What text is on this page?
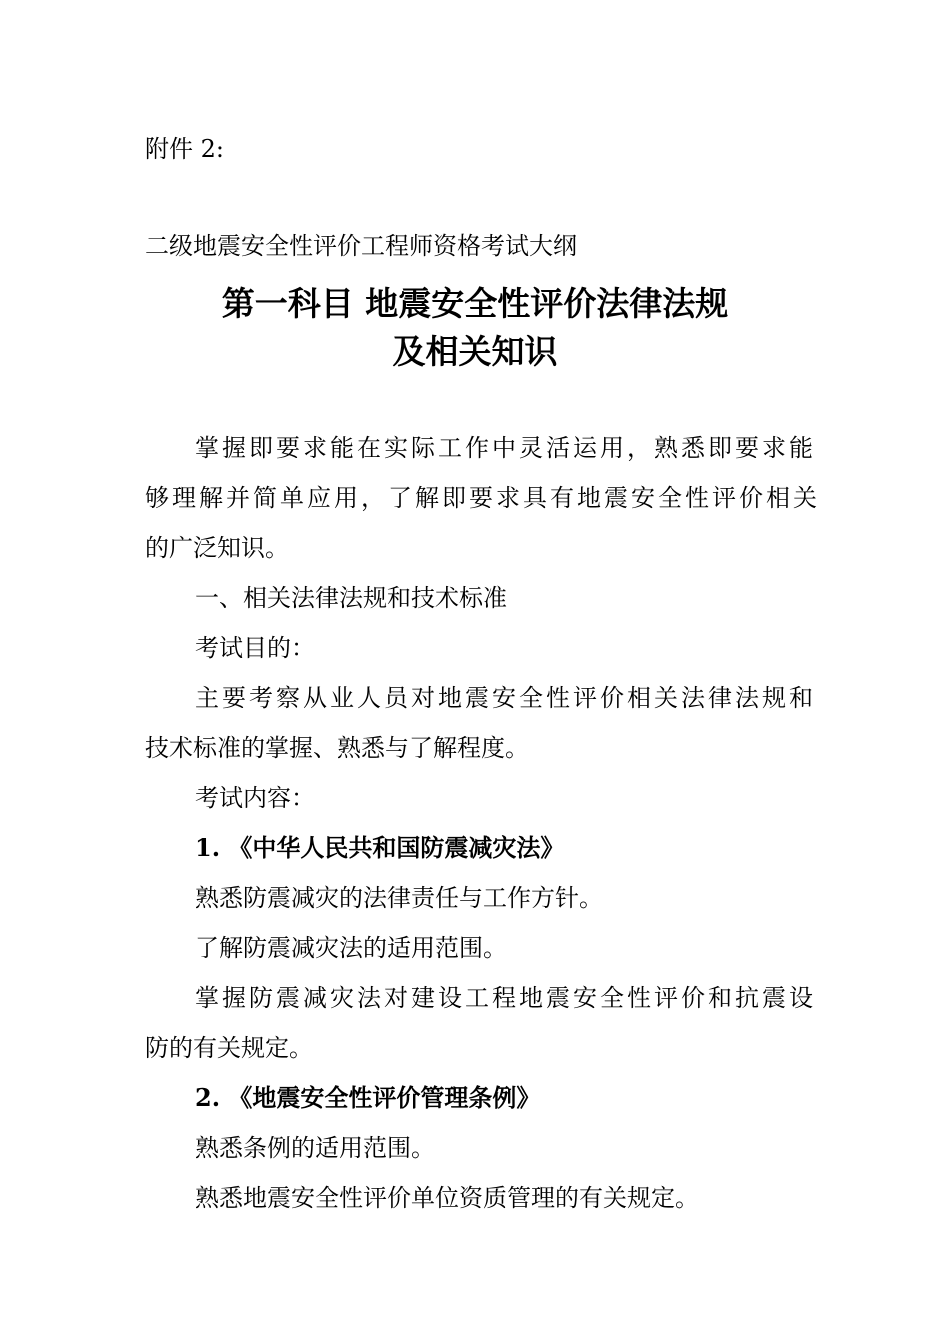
附件 2:
二级地震安全性评价工程师资格考试大纲
第一科目 地震安全性评价法律法规
及相关知识
掌握即要求能在实际工作中灵活运用，熟悉即要求能
够理解并简单应用，了解即要求具有地震安全性评价相关
的广泛知识。
一、相关法律法规和技术标准
考试目的：
主要考察从业人员对地震安全性评价相关法律法规和
技术标准的掌握、熟悉与了解程度。
考试内容：
1. 《中华人民共和国防震减灾法》
熟悉防震减灾的法律责任与工作方针。
了解防震减灾法的适用范围。
掌握防震减灾法对建设工程地震安全性评价和抗震设
防的有关规定。
2. 《地震安全性评价管理条例》
熟悉条例的适用范围。
熟悉地震安全性评价单位资质管理的有关规定。
